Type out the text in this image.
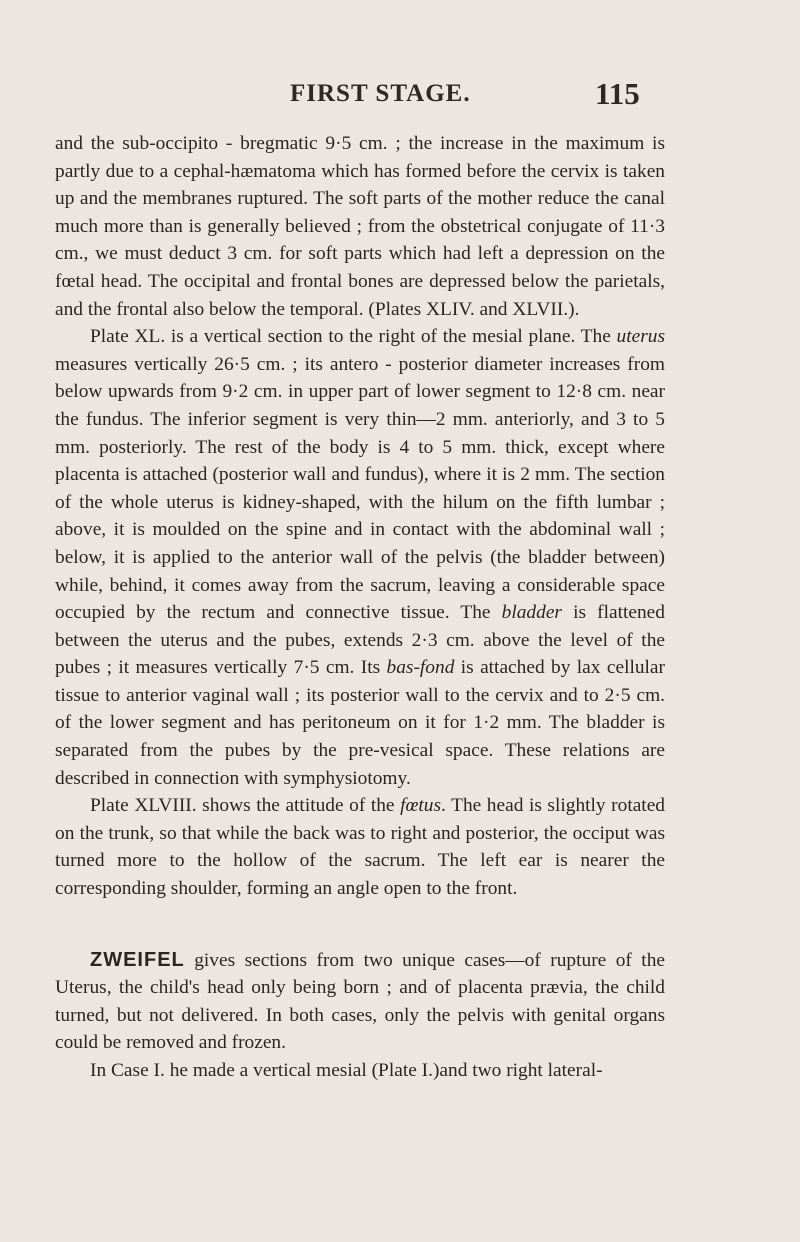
FIRST STAGE.	115

and the sub-occipito - bregmatic 9·5 cm. ; the increase in the maximum is partly due to a cephal-hæmatoma which has formed before the cervix is taken up and the membranes ruptured. The soft parts of the mother reduce the canal much more than is generally believed ; from the obstetrical conjugate of 11·3 cm., we must deduct 3 cm. for soft parts which had left a depression on the fœtal head. The occipital and frontal bones are depressed below the parietals, and the frontal also below the temporal. (Plates XLIV. and XLVII.).

Plate XL. is a vertical section to the right of the mesial plane. The uterus measures vertically 26·5 cm. ; its antero - posterior diameter increases from below upwards from 9·2 cm. in upper part of lower segment to 12·8 cm. near the fundus. The inferior segment is very thin—2 mm. anteriorly, and 3 to 5 mm. posteriorly. The rest of the body is 4 to 5 mm. thick, except where placenta is attached (posterior wall and fundus), where it is 2 mm. The section of the whole uterus is kidney-shaped, with the hilum on the fifth lumbar ; above, it is moulded on the spine and in contact with the abdominal wall ; below, it is applied to the anterior wall of the pelvis (the bladder between) while, behind, it comes away from the sacrum, leaving a considerable space occupied by the rectum and connective tissue. The bladder is flattened between the uterus and the pubes, extends 2·3 cm. above the level of the pubes ; it measures vertically 7·5 cm. Its bas-fond is attached by lax cellular tissue to anterior vaginal wall ; its posterior wall to the cervix and to 2·5 cm. of the lower segment and has peritoneum on it for 1·2 mm. The bladder is separated from the pubes by the pre-vesical space. These relations are described in connection with symphysiotomy.

Plate XLVIII. shows the attitude of the fœtus. The head is slightly rotated on the trunk, so that while the back was to right and posterior, the occiput was turned more to the hollow of the sacrum. The left ear is nearer the corresponding shoulder, forming an angle open to the front.

ZWEIFEL gives sections from two unique cases—of rupture of the Uterus, the child's head only being born ; and of placenta prævia, the child turned, but not delivered. In both cases, only the pelvis with genital organs could be removed and frozen.

In Case I. he made a vertical mesial (Plate I.)and two right lateral-
